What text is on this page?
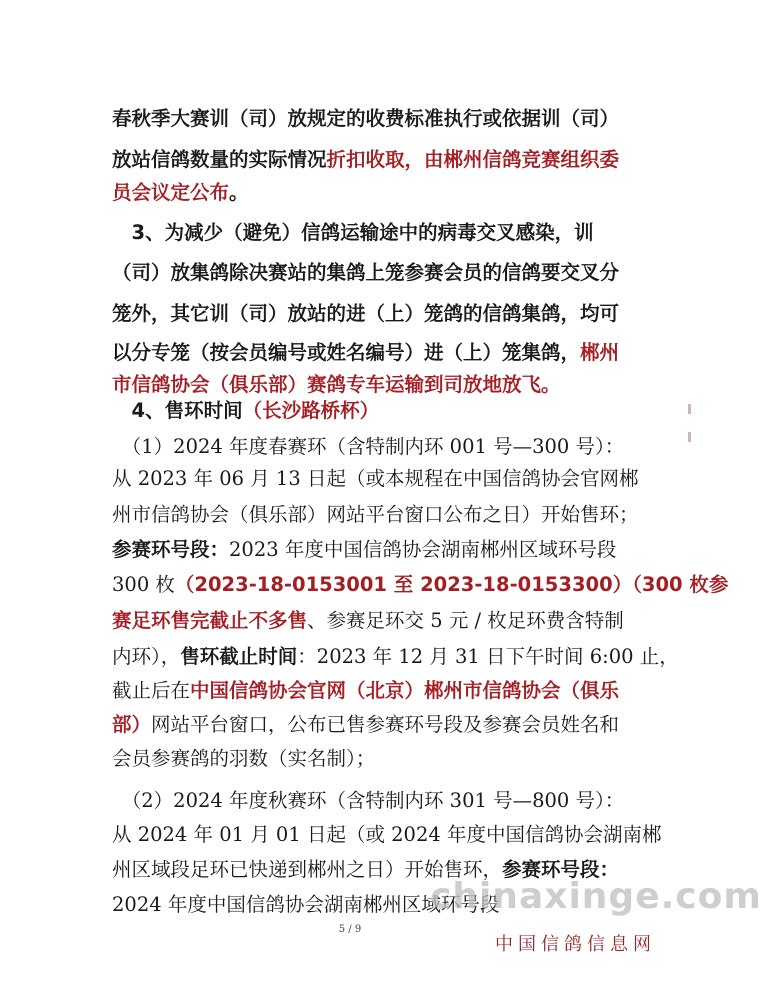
春秋季大赛训（司）放规定的收费标准执行或依据训（司）
放站信鸽数量的实际情况折扣收取，由郴州信鸽竞赛组织委
员会议定公布。
　3、为减少（避免）信鸽运输途中的病毒交叉感染，训
（司）放集鸽除决赛站的集鸽上笼参赛会员的信鸽要交叉分
笼外，其它训（司）放站的进（上）笼鸽的信鸽集鸽，均可
以分专笼（按会员编号或姓名编号）进（上）笼集鸽，郴州
市信鸽协会（俱乐部）赛鸽专车运输到司放地放飞。
　4、售环时间（长沙路桥杯）
　（1）2024 年度春赛环（含特制内环 001 号—300 号）：
从 2023 年 06 月 13 日起（或本规程在中国信鸽协会官网郴
州市信鸽协会（俱乐部）网站平台窗口公布之日）开始售环；
参赛环号段：2023 年度中国信鸽协会湖南郴州区域环号段
300 枚（2023-18-0153001 至 2023-18-0153300）（300 枚参
赛足环售完截止不多售、参赛足环交 5 元 / 枚足环费含特制
内环），售环截止时间：2023 年 12 月 31 日下午时间 6:00 止，
截止后在中国信鸽协会官网（北京）郴州市信鸽协会（俱乐
部）网站平台窗口，公布已售参赛环号段及参赛会员姓名和
会员参赛鸽的羽数（实名制）；
　（2）2024 年度秋赛环（含特制内环 301 号—800 号）：
从 2024 年 01 月 01 日起（或 2024 年度中国信鸽协会湖南郴
州区域段足环已快递到郴州之日）开始售环，参赛环号段：
2024 年度中国信鸽协会湖南郴州区域环号段
5 / 9
chinaxinge.com
中国信鸽信息网
